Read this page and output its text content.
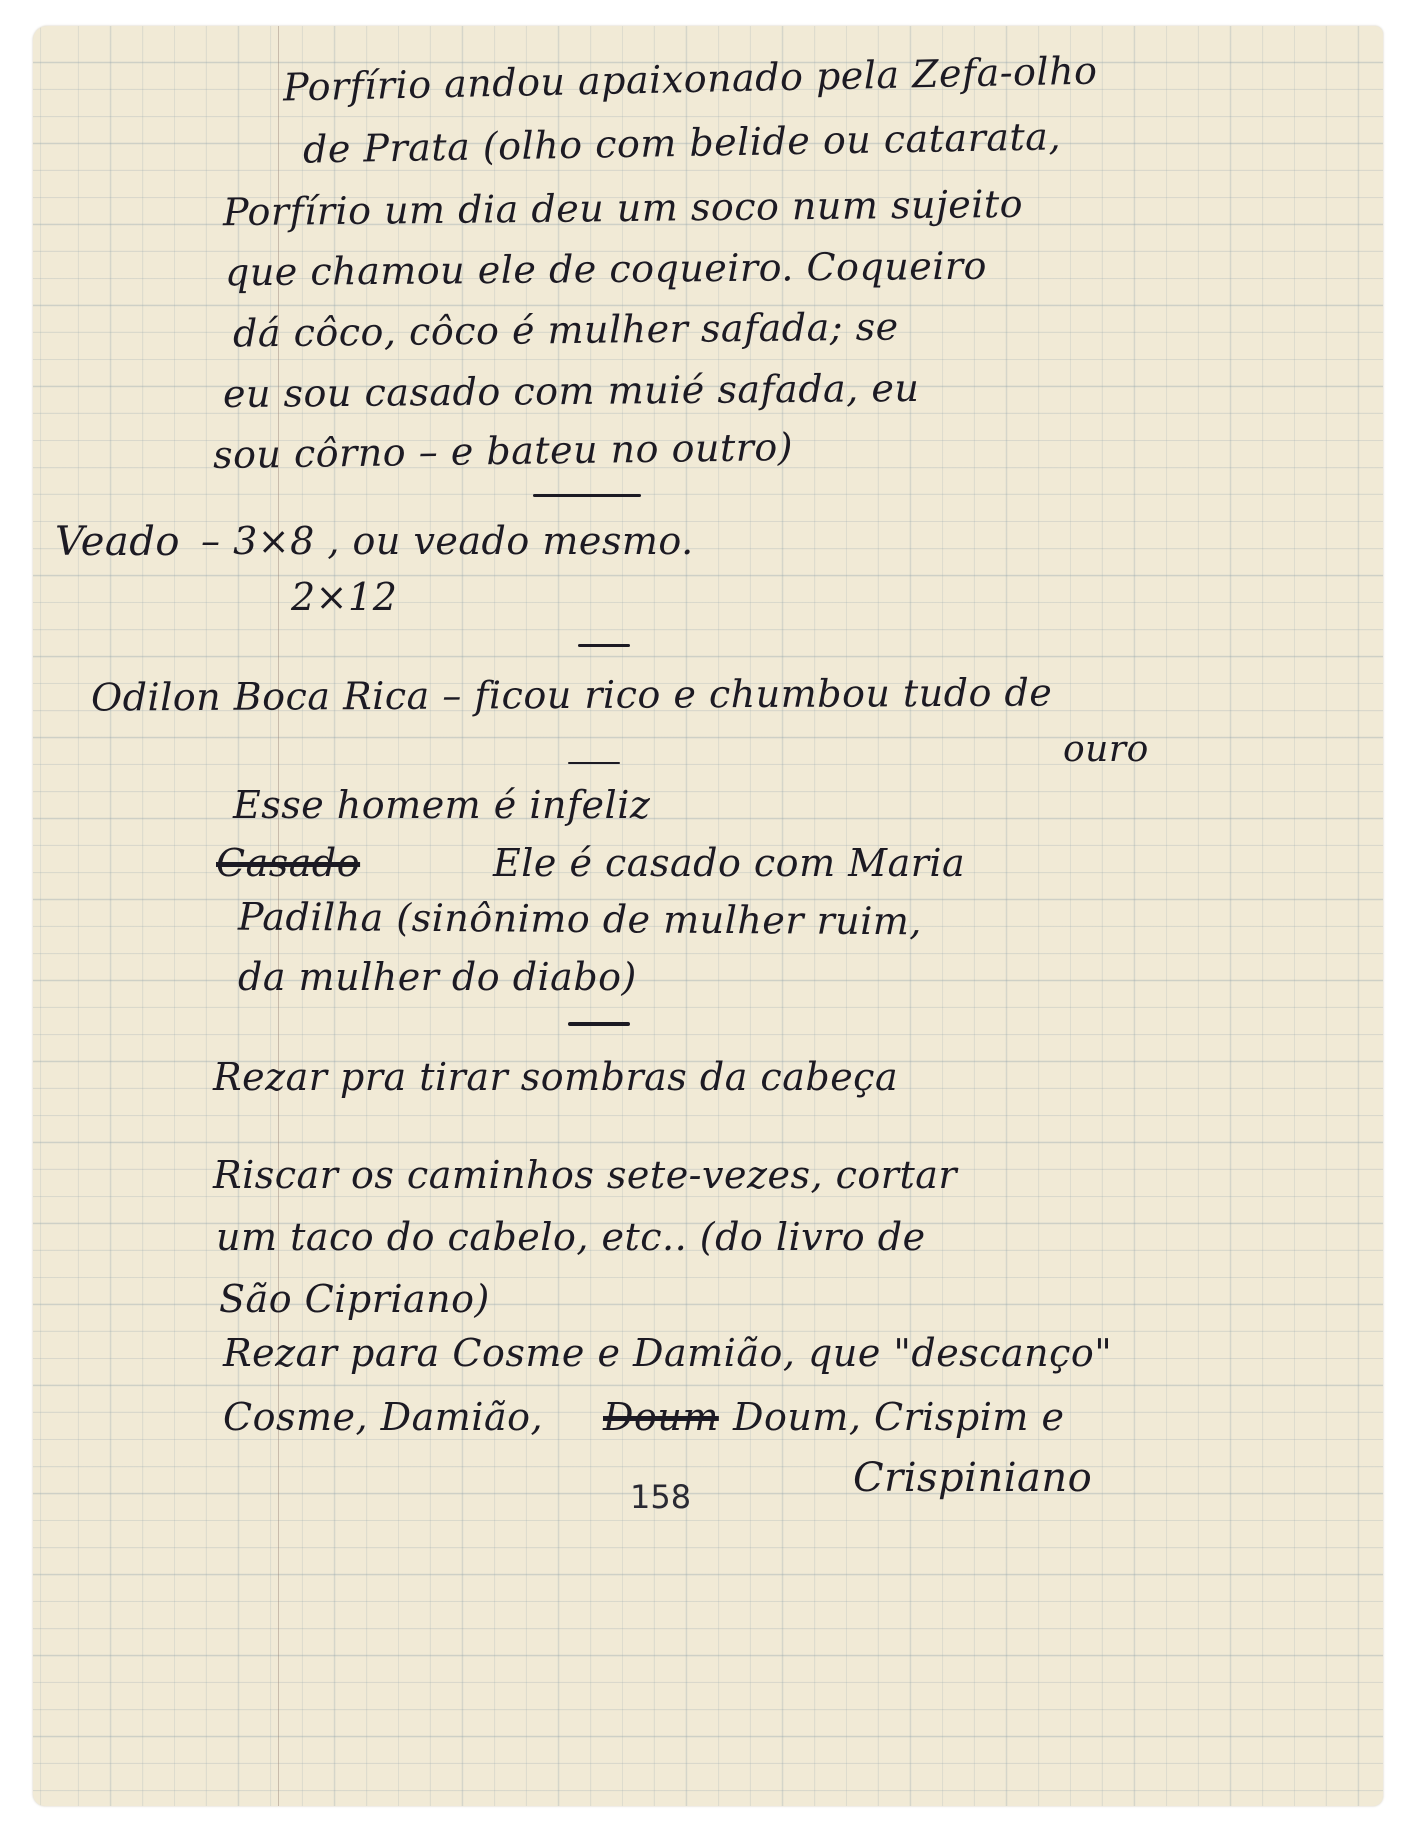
Porfírio andou apaixonado pela Zefa-olho
de Prata (olho com belide ou catarata,
Porfírio um dia deu um soco num sujeito
que chamou ele de coqueiro. Coqueiro
dá côco, côco é mulher safada; se
eu sou casado com muié safada, eu
sou côrno – e bateu no outro)
Veado – 3×8 , ou veado mesmo.
2×12
Odilon Boca Rica – ficou rico e chumbou tudo de
ouro
Esse homem é infeliz
Casado	Ele é casado com Maria
Padilha (sinônimo de mulher ruim,
da mulher do diabo)
Rezar pra tirar sombras da cabeça
Riscar os caminhos sete-vezes, cortar
um taco do cabelo, etc.. (do livro de
São Cipriano)
Rezar para Cosme e Damião, que "descanço"
Cosme, Damião, Doum Doum, Crispim e
Crispiniano
158
